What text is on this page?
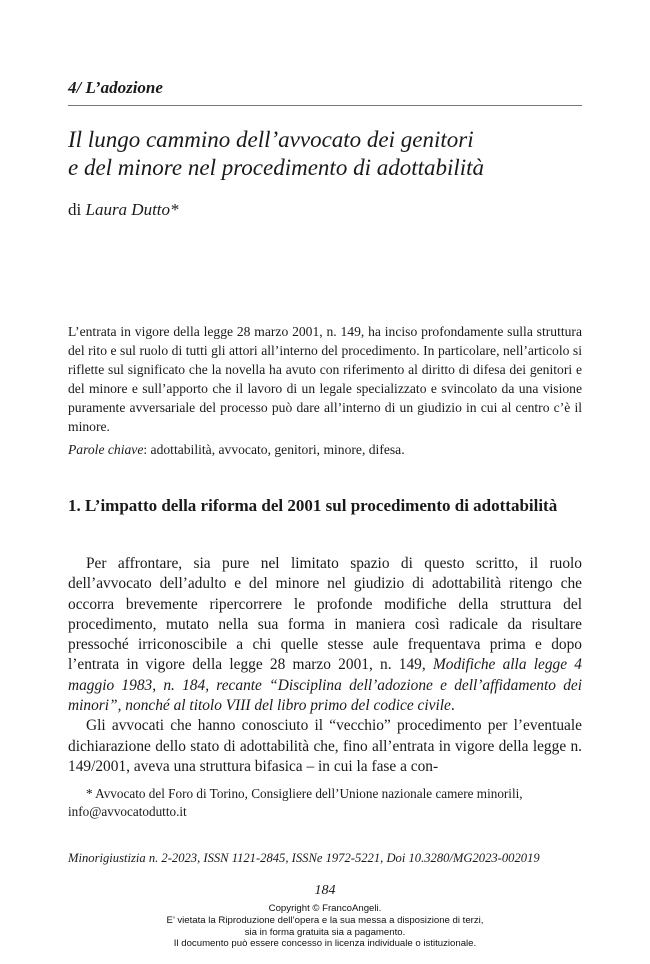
4/ L’adozione
Il lungo cammino dell’avvocato dei genitori
e del minore nel procedimento di adottabilità
di Laura Dutto*
L’entrata in vigore della legge 28 marzo 2001, n. 149, ha inciso profondamente sulla struttura del rito e sul ruolo di tutti gli attori all’interno del procedimento. In particolare, nell’articolo si riflette sul significato che la novella ha avuto con riferimento al diritto di difesa dei genitori e del minore e sull’apporto che il lavoro di un legale specializzato e svincolato da una visione puramente avversariale del processo può dare all’interno di un giudizio in cui al centro c’è il minore.
Parole chiave: adottabilità, avvocato, genitori, minore, difesa.
1. L’impatto della riforma del 2001 sul procedimento di adottabilità

Per affrontare, sia pure nel limitato spazio di questo scritto, il ruolo dell’avvocato dell’adulto e del minore nel giudizio di adottabilità ritengo che occorra brevemente ripercorrere le profonde modifiche della struttura del procedimento, mutato nella sua forma in maniera così radicale da risultare pressoché irriconoscibile a chi quelle stesse aule frequentava prima e dopo l’entrata in vigore della legge 28 marzo 2001, n. 149, Modifiche alla legge 4 maggio 1983, n. 184, recante “Disciplina dell’adozione e dell’affidamento dei minori”, nonché al titolo VIII del libro primo del codice civile.

Gli avvocati che hanno conosciuto il “vecchio” procedimento per l’eventuale dichiarazione dello stato di adottabilità che, fino all’entrata in vigore della legge n. 149/2001, aveva una struttura bifasica – in cui la fase a con-

* Avvocato del Foro di Torino, Consigliere dell’Unione nazionale camere minorili, info@avvocatodutto.it
Minorigiustizia n. 2-2023, ISSN 1121-2845, ISSNe 1972-5221, Doi 10.3280/MG2023-002019
184
Copyright © FrancoAngeli.
E’ vietata la Riproduzione dell’opera e la sua messa a disposizione di terzi,
sia in forma gratuita sia a pagamento.
Il documento può essere concesso in licenza individuale o istituzionale.
